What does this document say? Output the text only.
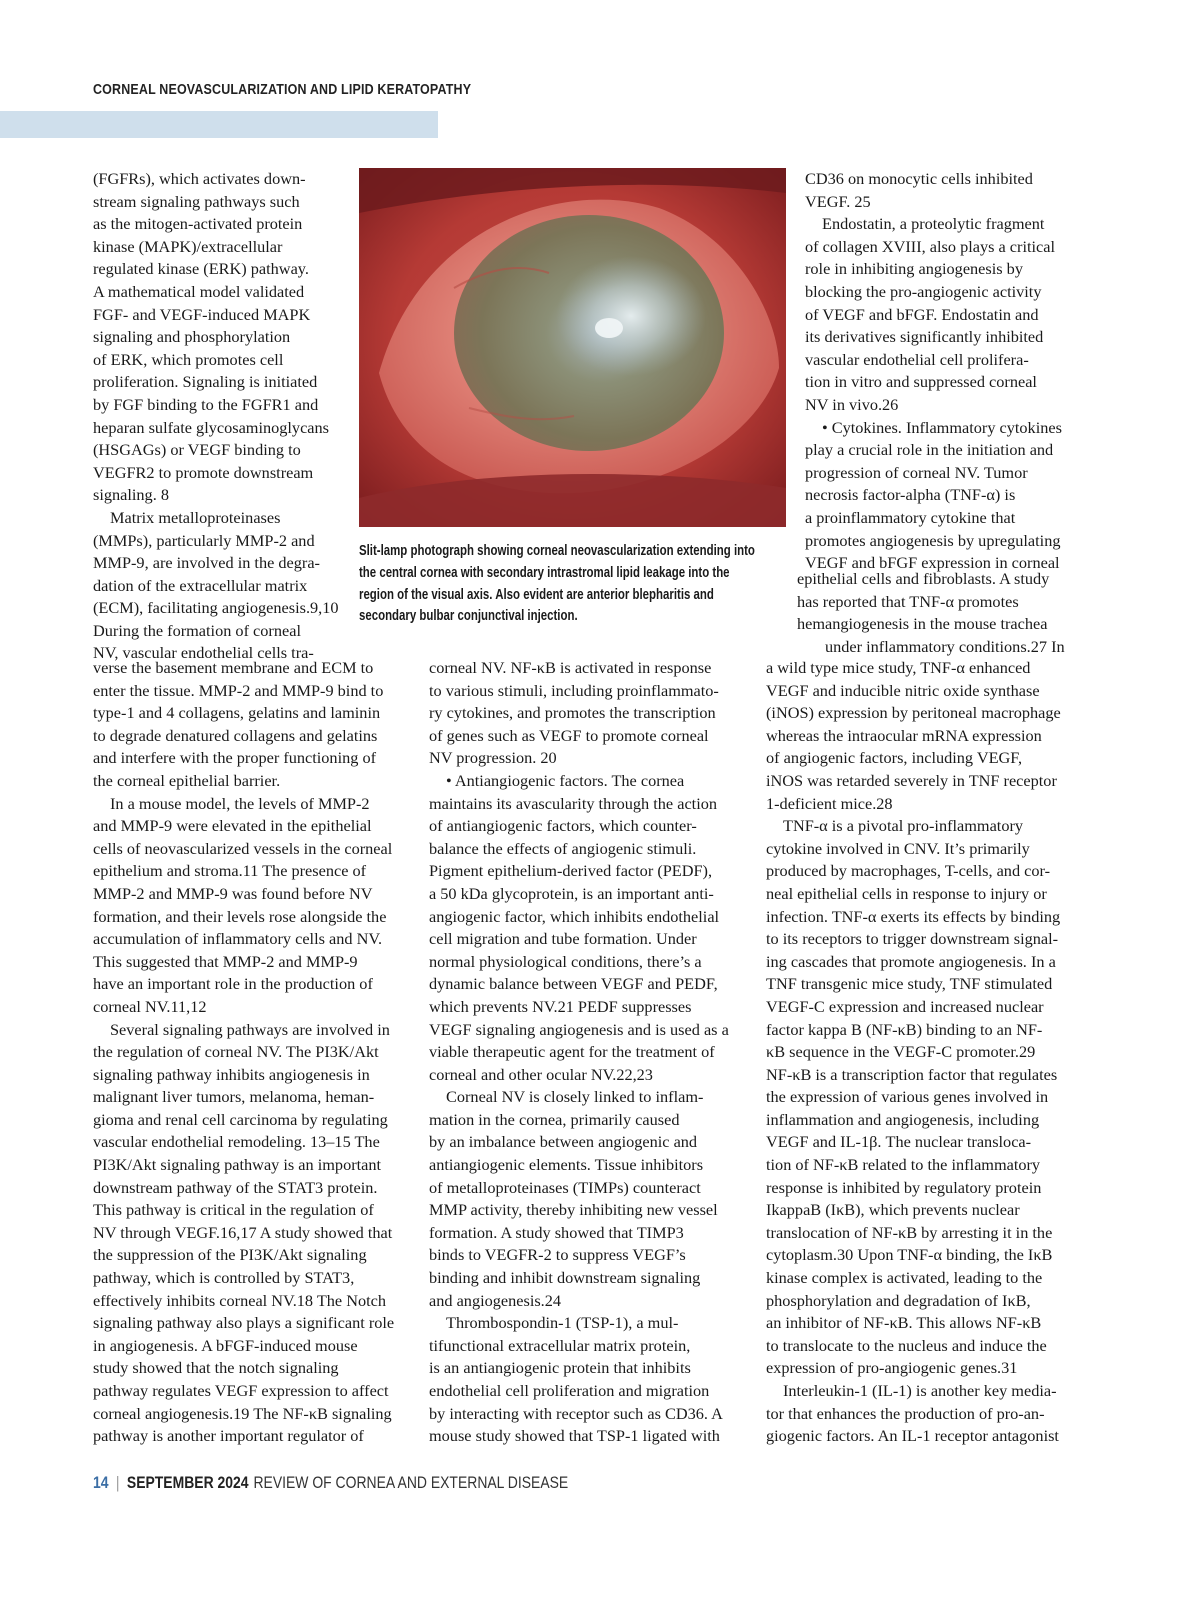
CORNEAL NEOVASCULARIZATION AND LIPID KERATOPATHY
(FGFRs), which activates down-
stream signaling pathways such
as the mitogen-activated protein
kinase (MAPK)/extracellular
regulated kinase (ERK) pathway.
A mathematical model validated
FGF- and VEGF-induced MAPK
signaling and phosphorylation
of ERK, which promotes cell
proliferation. Signaling is initiated
by FGF binding to the FGFR1 and
heparan sulfate glycosaminoglycans
(HSGAGs) or VEGF binding to
VEGFR2 to promote downstream
signaling. 8
Matrix metalloproteinases
(MMPs), particularly MMP-2 and
MMP-9, are involved in the degra-
dation of the extracellular matrix
(ECM), facilitating angiogenesis.9,10
During the formation of corneal
NV, vascular endothelial cells tra-
Slit-lamp photograph showing corneal neovascularization extending into
the central cornea with secondary intrastromal lipid leakage into the
region of the visual axis. Also evident are anterior blepharitis and
secondary bulbar conjunctival injection.
verse the basement membrane and ECM to
enter the tissue. MMP-2 and MMP-9 bind to
type-1 and 4 collagens, gelatins and laminin
to degrade denatured collagens and gelatins
and interfere with the proper functioning of
the corneal epithelial barrier.
In a mouse model, the levels of MMP-2
and MMP-9 were elevated in the epithelial
cells of neovascularized vessels in the corneal
epithelium and stroma.11 The presence of
MMP-2 and MMP-9 was found before NV
formation, and their levels rose alongside the
accumulation of inflammatory cells and NV.
This suggested that MMP-2 and MMP-9
have an important role in the production of
corneal NV.11,12
Several signaling pathways are involved in
the regulation of corneal NV. The PI3K/Akt
signaling pathway inhibits angiogenesis in
malignant liver tumors, melanoma, heman-
gioma and renal cell carcinoma by regulating
vascular endothelial remodeling. 13–15 The
PI3K/Akt signaling pathway is an important
downstream pathway of the STAT3 protein.
This pathway is critical in the regulation of
NV through VEGF.16,17 A study showed that
the suppression of the PI3K/Akt signaling
pathway, which is controlled by STAT3,
effectively inhibits corneal NV.18 The Notch
signaling pathway also plays a significant role
in angiogenesis. A bFGF-induced mouse
study showed that the notch signaling
pathway regulates VEGF expression to affect
corneal angiogenesis.19 The NF-κB signaling
pathway is another important regulator of
corneal NV. NF-κB is activated in response
to various stimuli, including proinflammato-
ry cytokines, and promotes the transcription
of genes such as VEGF to promote corneal
NV progression. 20
• Antiangiogenic factors. The cornea
maintains its avascularity through the action
of antiangiogenic factors, which counter-
balance the effects of angiogenic stimuli.
Pigment epithelium-derived factor (PEDF),
a 50 kDa glycoprotein, is an important anti-
angiogenic factor, which inhibits endothelial
cell migration and tube formation. Under
normal physiological conditions, there’s a
dynamic balance between VEGF and PEDF,
which prevents NV.21 PEDF suppresses
VEGF signaling angiogenesis and is used as a
viable therapeutic agent for the treatment of
corneal and other ocular NV.22,23
Corneal NV is closely linked to inflam-
mation in the cornea, primarily caused
by an imbalance between angiogenic and
antiangiogenic elements. Tissue inhibitors
of metalloproteinases (TIMPs) counteract
MMP activity, thereby inhibiting new vessel
formation. A study showed that TIMP3
binds to VEGFR-2 to suppress VEGF’s
binding and inhibit downstream signaling
and angiogenesis.24
Thrombospondin-1 (TSP-1), a mul-
tifunctional extracellular matrix protein,
is an antiangiogenic protein that inhibits
endothelial cell proliferation and migration
by interacting with receptor such as CD36. A
mouse study showed that TSP-1 ligated with
CD36 on monocytic cells inhibited
VEGF. 25
Endostatin, a proteolytic fragment
of collagen XVIII, also plays a critical
role in inhibiting angiogenesis by
blocking the pro-angiogenic activity
of VEGF and bFGF. Endostatin and
its derivatives significantly inhibited
vascular endothelial cell prolifera-
tion in vitro and suppressed corneal
NV in vivo.26
• Cytokines. Inflammatory cytokines
play a crucial role in the initiation and
progression of corneal NV. Tumor
necrosis factor-alpha (TNF-α) is
a proinflammatory cytokine that
promotes angiogenesis by upregulating
VEGF and bFGF expression in corneal
epithelial cells and fibroblasts. A study
has reported that TNF-α promotes
hemangiogenesis in the mouse trachea
under inflammatory conditions.27 In
a wild type mice study, TNF-α enhanced
VEGF and inducible nitric oxide synthase
(iNOS) expression by peritoneal macrophage
whereas the intraocular mRNA expression
of angiogenic factors, including VEGF,
iNOS was retarded severely in TNF receptor
1-deficient mice.28
TNF-α is a pivotal pro-inflammatory
cytokine involved in CNV. It’s primarily
produced by macrophages, T-cells, and cor-
neal epithelial cells in response to injury or
infection. TNF-α exerts its effects by binding
to its receptors to trigger downstream signal-
ing cascades that promote angiogenesis. In a
TNF transgenic mice study, TNF stimulated
VEGF-C expression and increased nuclear
factor kappa B (NF-κB) binding to an NF-
κB sequence in the VEGF-C promoter.29
NF-κB is a transcription factor that regulates
the expression of various genes involved in
inflammation and angiogenesis, including
VEGF and IL-1β. The nuclear transloca-
tion of NF-κB related to the inflammatory
response is inhibited by regulatory protein
IkappaB (IκB), which prevents nuclear
translocation of NF-κB by arresting it in the
cytoplasm.30 Upon TNF-α binding, the IκB
kinase complex is activated, leading to the
phosphorylation and degradation of IκB,
an inhibitor of NF-κB. This allows NF-κB
to translocate to the nucleus and induce the
expression of pro-angiogenic genes.31
Interleukin-1 (IL-1) is another key media-
tor that enhances the production of pro-an-
giogenic factors. An IL-1 receptor antagonist
14 | SEPTEMBER 2024 REVIEW OF CORNEA AND EXTERNAL DISEASE
